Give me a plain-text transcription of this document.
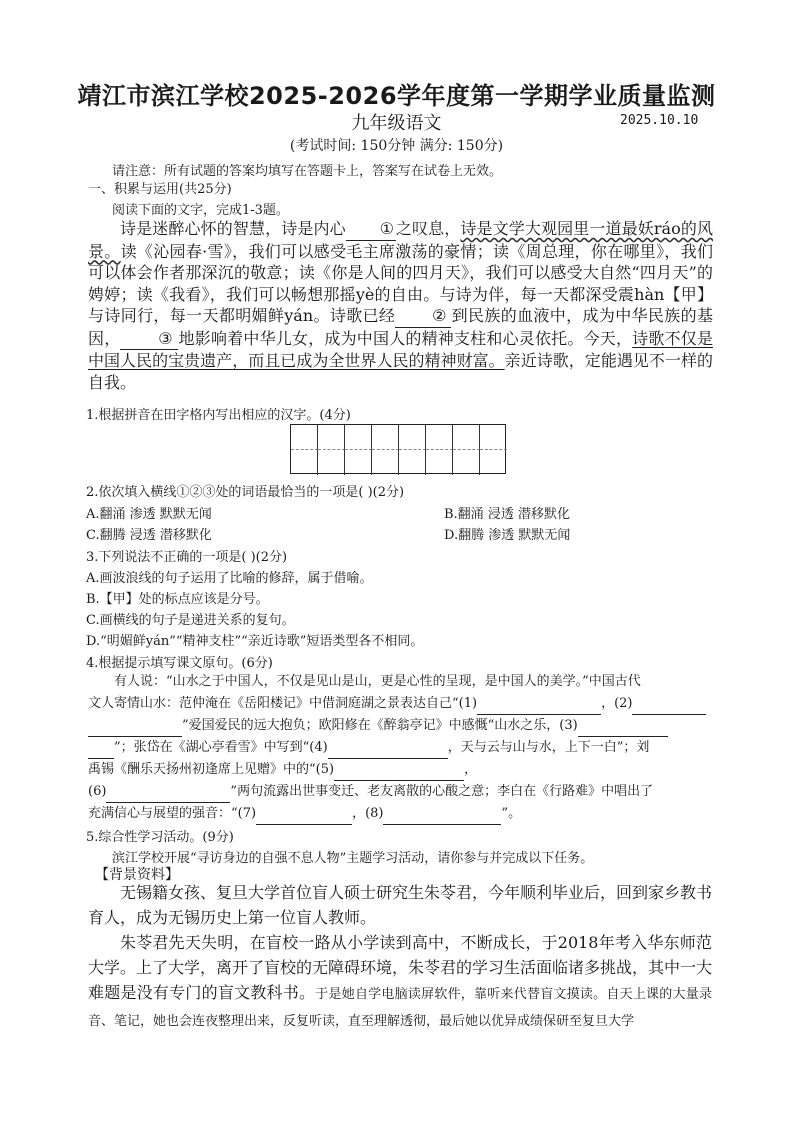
靖江市滨江学校2025-2026学年度第一学期学业质量监测
九年级语文	2025.10.10
(考试时间: 150分钟 满分: 150分)
请注意：所有试题的答案均填写在答题卡上，答案写在试卷上无效。
一、积累与运用(共25分)
阅读下面的文字，完成1-3题。
诗是迷醉心怀的智慧，诗是内心 ① 之叹息，诗是文学大观园里一道最妖ráo的风景。读《沁园春·雪》，我们可以感受毛主席激荡的豪情；读《周总理，你在哪里》，我们可以体会作者那深沉的敬意；读《你是人间的四月天》，我们可以感受大自然“四月天”的娉婷；读《我看》，我们可以畅想那摇yè的自由。与诗为伴，每一天都深受震hàn【甲】与诗同行，每一天都明媚鲜yán。诗歌已经 ② 到民族的血液中，成为中华民族的基因， ③ 地影响着中华儿女，成为中国人的精神支柱和心灵依托。今天，诗歌不仅是中国人民的宝贵遗产，而且已成为全世界人民的精神财富。亲近诗歌，定能遇见不一样的自我。
1.根据拼音在田字格内写出相应的汉字。(4分)
2.依次填入横线①②③处的词语最恰当的一项是( )(2分)
A.翻涌 渗透 默默无闻	B.翻涌 浸透 潜移默化
C.翻腾 浸透 潜移默化	D.翻腾 渗透 默默无闻
3.下列说法不正确的一项是( )(2分)
A.画波浪线的句子运用了比喻的修辞，属于借喻。
B.【甲】处的标点应该是分号。
C.画横线的句子是递进关系的复句。
D.“明媚鲜yán”“精神支柱”“亲近诗歌”短语类型各不相同。
4.根据提示填写课文原句。(6分)
有人说：“山水之于中国人，不仅是见山是山，更是心性的呈现，是中国人的美学。”中国古代
文人寄情山水：范仲淹在《岳阳楼记》中借洞庭湖之景表达自己“(1)	，(2)
”爱国爱民的远大抱负；欧阳修在《醉翁亭记》中感慨“山水之乐，(3)
”；张岱在《湖心亭看雪》中写到“(4)	，天与云与山与水，上下一白”；刘
禹锡《酬乐天扬州初逢席上见赠》中的“(5)	，
(6)	”两句流露出世事变迁、老友离散的心酸之意；李白在《行路难》中唱出了
充满信心与展望的强音：“(7)	，(8)	”。
5.综合性学习活动。(9分)
滨江学校开展“寻访身边的自强不息人物”主题学习活动，请你参与并完成以下任务。
【背景资料】
无锡籍女孩、复旦大学首位盲人硕士研究生朱苓君，今年顺利毕业后，回到家乡教书育人，成为无锡历史上第一位盲人教师。
朱苓君先天失明，在盲校一路从小学读到高中，不断成长，于2018年考入华东师范大学。上了大学，离开了盲校的无障碍环境，朱苓君的学习生活面临诸多挑战，其中一大难题是没有专门的盲文教科书。于是她自学电脑读屏软件，靠听来代替盲文摸读。自天上课的大量录音、笔记，她也会连夜整理出来，反复听读，直至理解透彻，最后她以优异成绩保研至复旦大学
